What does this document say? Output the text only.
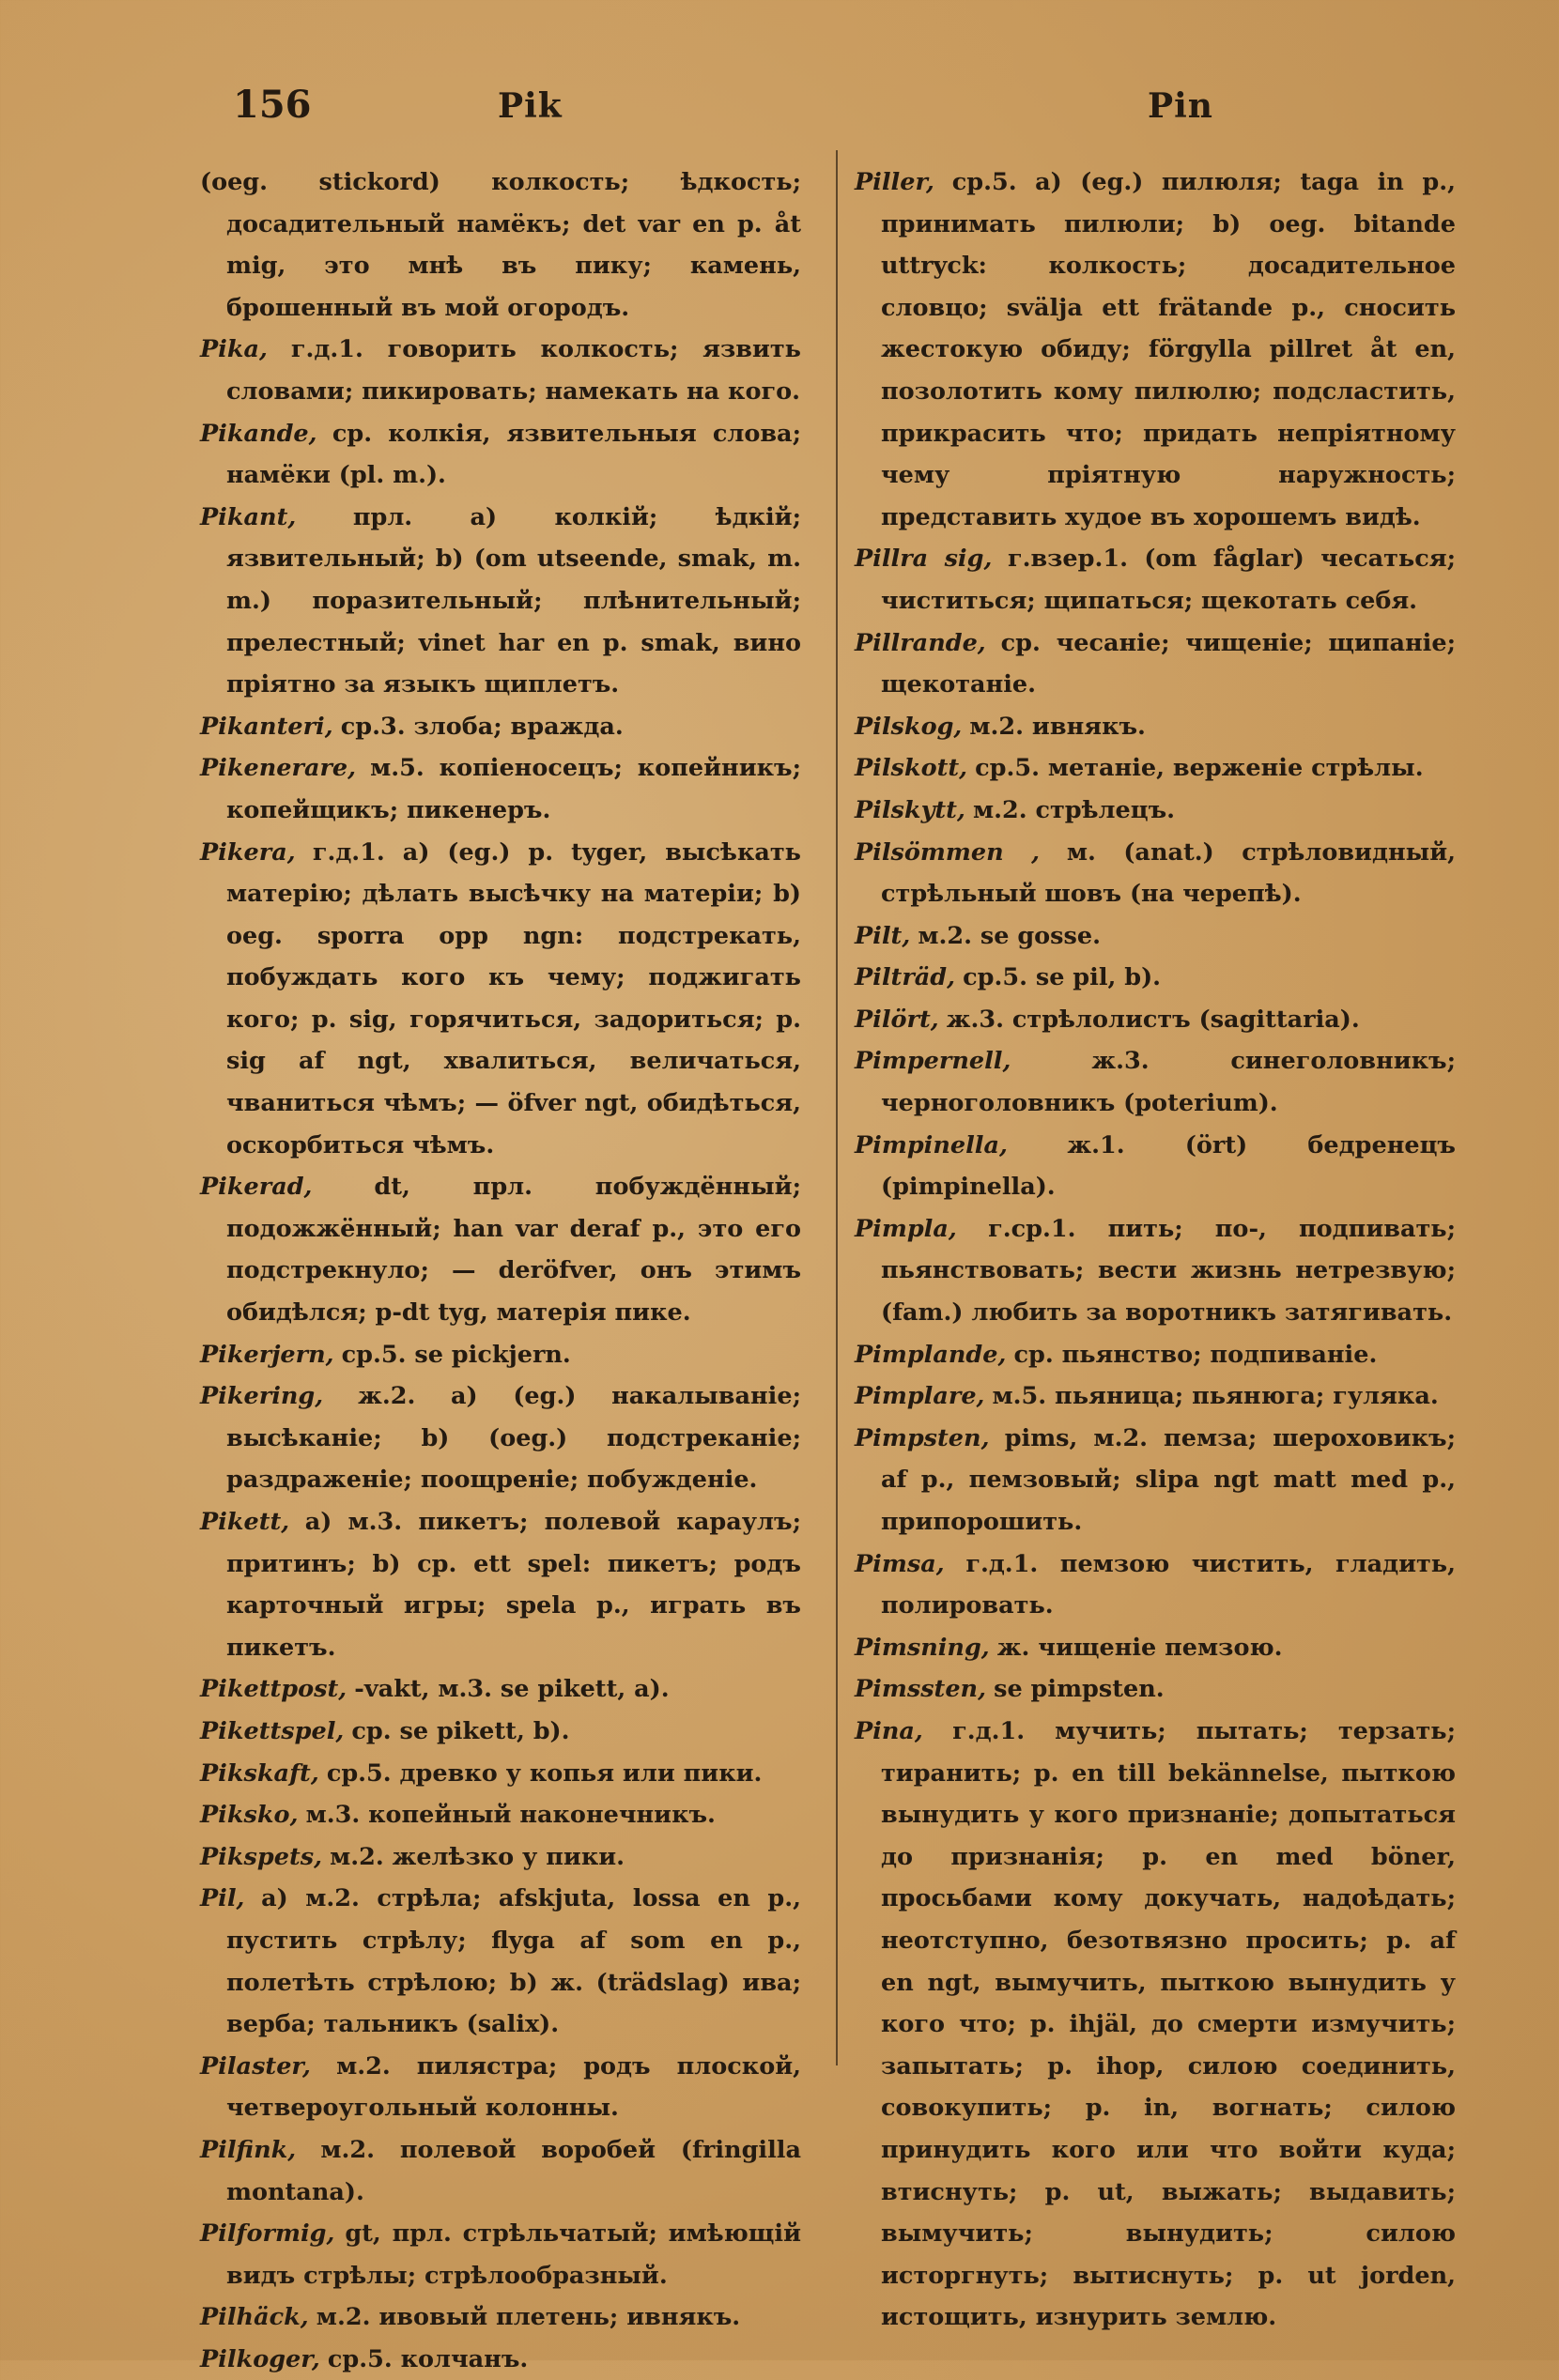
156	Pik	Pin

(oeg. stickord) колкость; ѣдкость; досадительный намёкъ; det var en p. åt mig, это мнѣ въ пику; камень, брошенный въ мой огородъ.

Pika, г.д.1. говорить колкость; язвить словами; пикировать; намекать на кого.

Pikande, ср. колкія, язвительныя слова; намёки (pl. m.).

Pikant, прл. a) колкій; ѣдкій; язвительный; b) (om utseende, smak, m. m.) поразительный; плѣнительный; прелестный; vinet har en p. smak, вино пріятно за языкъ щиплетъ.

Pikanteri, ср.3. злоба; вражда.

Pikenerare, м.5. копіеносецъ; копейникъ; копейщикъ; пикенеръ.

Pikera, г.д.1. a) (eg.) p. tyger, высѣкать матерію; дѣлать высѣчку на матеріи; b) oeg. sporra opp ngn: подстрекать, побуждать кого къ чему; поджигать кого; p. sig, горячиться, задориться; p. sig af ngt, хвалиться, величаться, чваниться чѣмъ; — öfver ngt, обидѣться, оскорбиться чѣмъ.

Pikerad,	dt, прл. побуждённый; подожжённый; han var deraf p., это его подстрекнуло; — deröfver, онъ этимъ обидѣлся; p-dt tyg, матерія пике.

Pikerjern, ср.5. se pickjern.

Pikering, ж.2. a) (eg.) накалываніе; высѣканіе; b) (oeg.) подстреканіе; раздраженіе; поощреніе; побужденіе.

Pikett, a) м.3. пикетъ; полевой караулъ; притинъ; b) ср. ett spel: пикетъ; родъ карточный игры; spela p., играть въ пикетъ.

Pikettpost, -vakt, м.3. se pikett, a).

Pikettspel, ср. se pikett, b).

Pikskaft, ср.5. древко у копья или пики.

Piksko, м.3. копейный наконечникъ.

Pikspets, м.2. желѣзко у пики.

Pil, a) м.2. стрѣла; afskjuta, lossa en p., пустить стрѣлу; flyga af som en p., полетѣть стрѣлою; b) ж. (trädslag) ива; верба; тальникъ (salix).

Pilaster, м.2. пилястра; родъ плоской, четвероугольный колонны.

Pilfink, м.2. полевой воробей (fringilla montana).

Pilformig, gt, прл. стрѣльчатый; имѣющій видъ стрѣлы; стрѣлообразный.

Pilhäck, м.2. ивовый плетень; ивнякъ.

Pilkoger, ср.5. колчанъ.

Piller, ср.5. a) (eg.) пилюля; taga in p., принимать пилюли; b) oeg. bitande uttryck: колкость; досадительное словцо; svälja ett frätande p., сносить жестокую обиду; förgylla pillret åt en, позолотить кому пилюлю; подсластить, прикрасить что; придать непріятному чему пріятную наружность; представить худое въ хорошемъ видѣ.

Pillra sig, г.взер.1. (om fåglar) чесаться; чиститься; щипаться; щекотать себя.

Pillrande, ср. чесаніе; чищеніе; щипаніе; щекотаніе.

Pilskog, м.2. ивнякъ.

Pilskott, ср.5. метаніе, верженіе стрѣлы.

Pilskytt, м.2. стрѣлецъ.

Pilsömmen , м. (anat.) стрѣловидный, стрѣльный шовъ (на черепѣ).

Pilt, м.2. se gosse.

Pilträd, ср.5. se pil, b).

Pilört, ж.3. стрѣлолистъ (sagittaria).

Pimpernell,	ж.3. синеголовникъ; черноголовникъ (poterium).

Pimpinella, ж.1. (ört) бедренецъ (pimpinella).

Pimpla, г.ср.1. пить; по-, подпивать; пьянствовать; вести жизнь нетрезвую; (fam.) любить за воротникъ затягивать.

Pimplande, ср. пьянство; подпиваніе.

Pimplare, м.5. пьяница; пьянюга; гуляка.

Pimpsten, pims, м.2. пемза; шероховикъ; af p., пемзовый; slipa ngt matt med p., припорошить.

Pimsa, г.д.1. пемзою чистить, гладить, полировать.

Pimsning, ж. чищеніе пемзою.

Pimssten, se pimpsten.

Pina, г.д.1. мучить; пытать; терзать; тиранить; p. en till bekännelse, пыткою вынудить у кого признаніе; допытаться до признанія; p. en med böner, просьбами кому докучать, надоѣдать; неотступно, безотвязно просить; p. af en ngt, вымучить, пыткою вынудить у кого что; p. ihjäl, до смерти измучить; запытать; p. ihop, силою соединить, совокупить; p. in, вогнать; силою принудить кого или что войти куда; втиснуть; p. ut, выжать; выдавить; вымучить; вынудить; силою исторгнуть; вытиснуть; p. ut jorden, истощить, изнурить землю.
